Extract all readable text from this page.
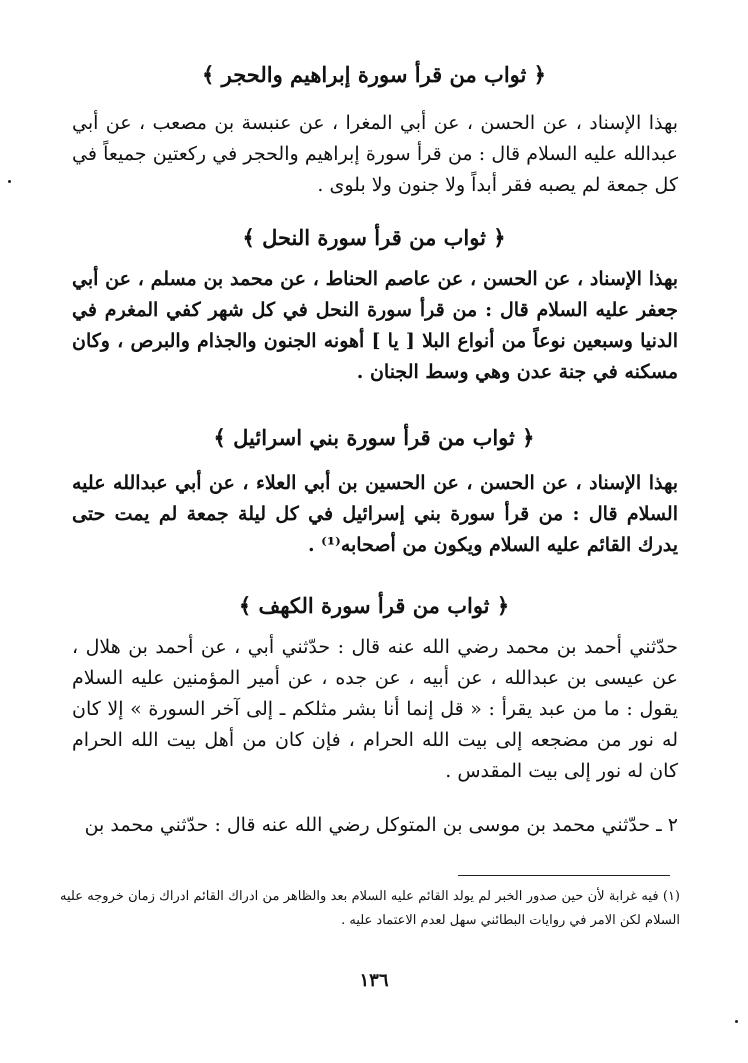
﴿ ثواب من قرأ سورة إبراهيم والحجر ﴾
بهذا الإسناد ، عن الحسن ، عن أبي المغرا ، عن عنبسة بن مصعب ، عن أبي عبدالله عليه السلام قال : من قرأ سورة إبراهيم والحجر في ركعتين جميعاً في كل جمعة لم يصبه فقر أبداً ولا جنون ولا بلوى .
﴿ ثواب من قرأ سورة النحل ﴾
بهذا الإسناد ، عن الحسن ، عن عاصم الحناط ، عن محمد بن مسلم ، عن أبي جعفر عليه السلام قال : من قرأ سورة النحل في كل شهر كفي المغرم في الدنيا وسبعين نوعاً من أنواع البلا [ يا ] أهونه الجنون والجذام والبرص ، وكان مسكنه في جنة عدن وهي وسط الجنان .
﴿ ثواب من قرأ سورة بني اسرائيل ﴾
بهذا الإسناد ، عن الحسن ، عن الحسين بن أبي العلاء ، عن أبي عبدالله عليه السلام قال : من قرأ سورة بني إسرائيل في كل ليلة جمعة لم يمت حتى يدرك القائم عليه السلام ويكون من أصحابه⁽¹⁾ .
﴿ ثواب من قرأ سورة الكهف ﴾
حدّثني أحمد بن محمد رضي الله عنه قال : حدّثني أبي ، عن أحمد بن هلال ، عن عيسى بن عبدالله ، عن أبيه ، عن جده ، عن أمير المؤمنين عليه السلام يقول : ما من عبد يقرأ : « قل إنما أنا بشر مثلكم ـ إلى آخر السورة » إلا كان له نور من مضجعه إلى بيت الله الحرام ، فإن كان من أهل بيت الله الحرام كان له نور إلى بيت المقدس .
٢ ـ حدّثني محمد بن موسى بن المتوكل رضي الله عنه قال : حدّثني محمد بن
(١) فيه غرابة لأن حين صدور الخبر لم يولد القائم عليه السلام بعد والظاهر من ادراك القائم ادراك زمان خروجه عليه السلام لكن الامر في روايات البطائني سهل لعدم الاعتماد عليه .
١٣٦
